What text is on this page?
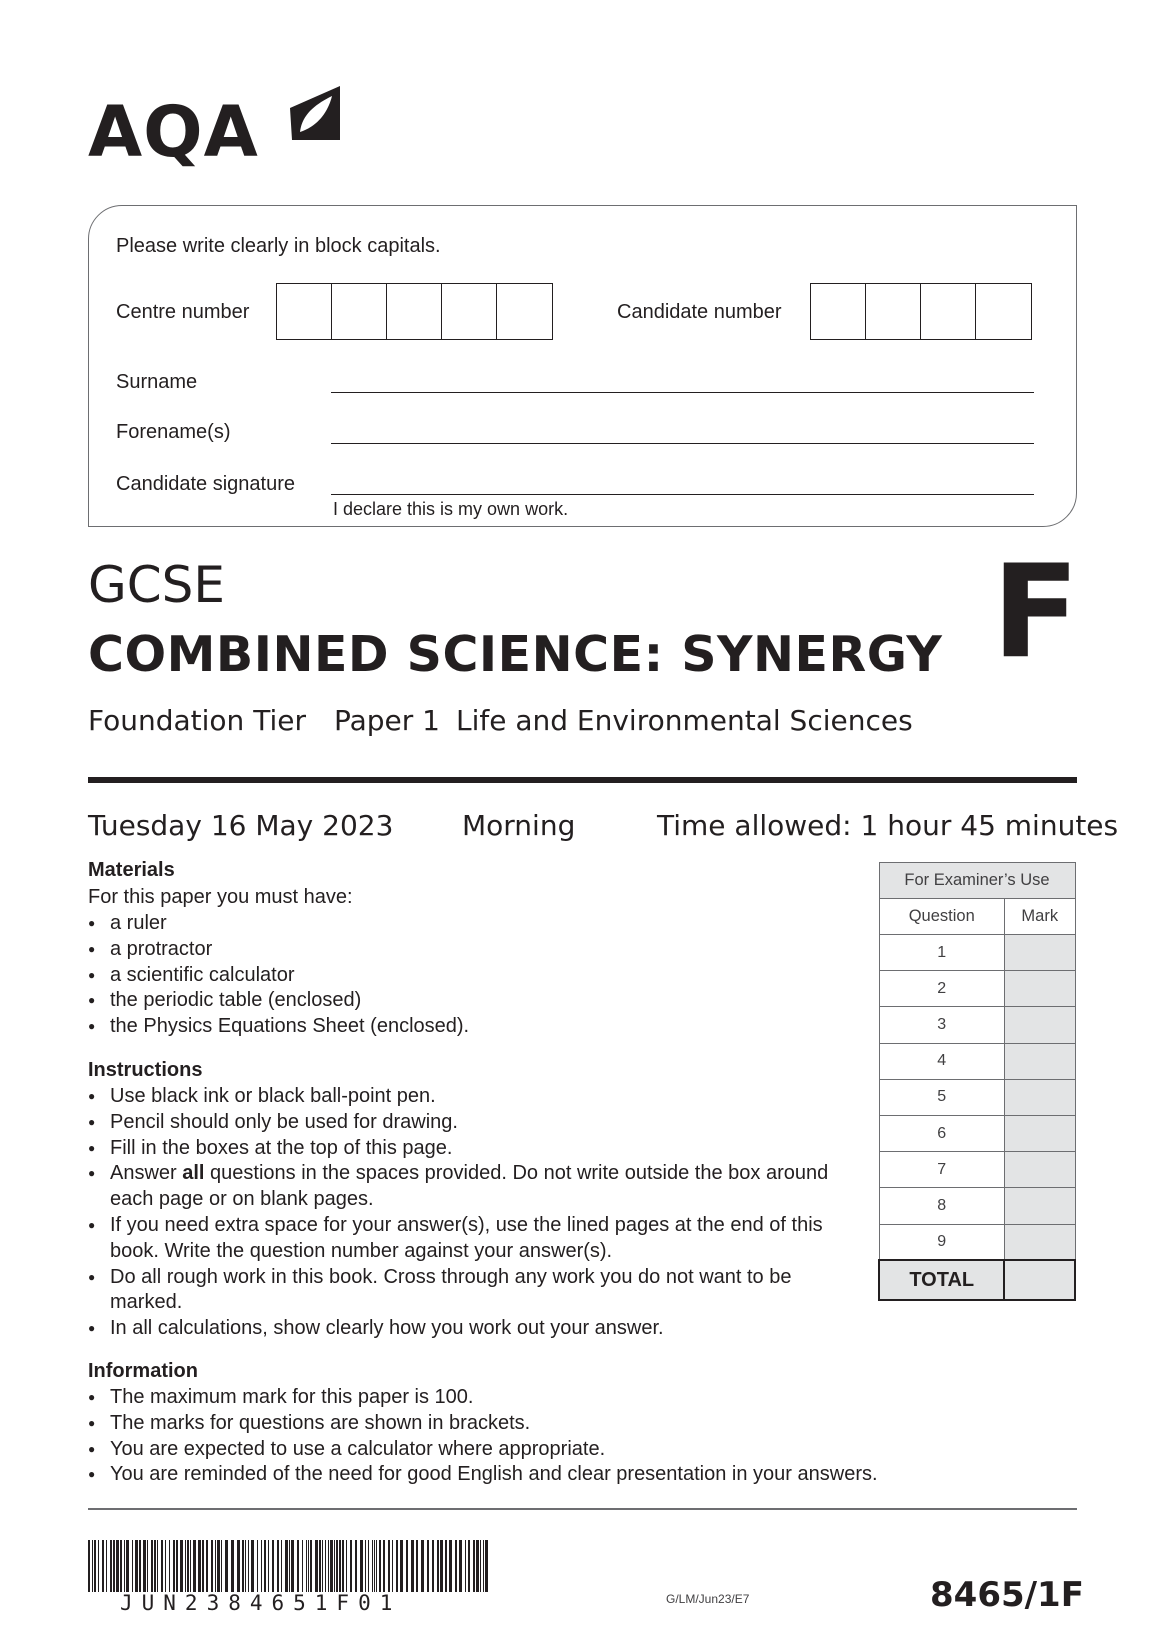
AQA
Please write clearly in block capitals.
Centre number	Candidate number
Surname
Forename(s)
Candidate signature
I declare this is my own work.
GCSE
COMBINED SCIENCE: SYNERGY F
Foundation Tier Paper 1 Life and Environmental Sciences
Tuesday 16 May 2023 Morning	Time allowed: 1 hour 45 minutes
Materials
For this paper you must have:
● a ruler
● a protractor
● a scientific calculator
● the periodic table (enclosed)
● the Physics Equations Sheet (enclosed).
Instructions
● Use black ink or black ball-point pen.
● Pencil should only be used for drawing.
● Fill in the boxes at the top of this page.
● Answer all questions in the spaces provided. Do not write outside the box around each page or on blank pages.
● If you need extra space for your answer(s), use the lined pages at the end of this book. Write the question number against your answer(s).
● Do all rough work in this book. Cross through any work you do not want to be marked.
● In all calculations, show clearly how you work out your answer.
Information
● The maximum mark for this paper is 100.
● The marks for questions are shown in brackets.
● You are expected to use a calculator where appropriate.
● You are reminded of the need for good English and clear presentation in your answers.
For Examiner’s Use	
Question	Mark
1	
2	
3	
4	
5	
6	
7	
8	
9	
TOTAL	
JUN238465​1F01	G/LM/Jun23/E7	8465/1F
